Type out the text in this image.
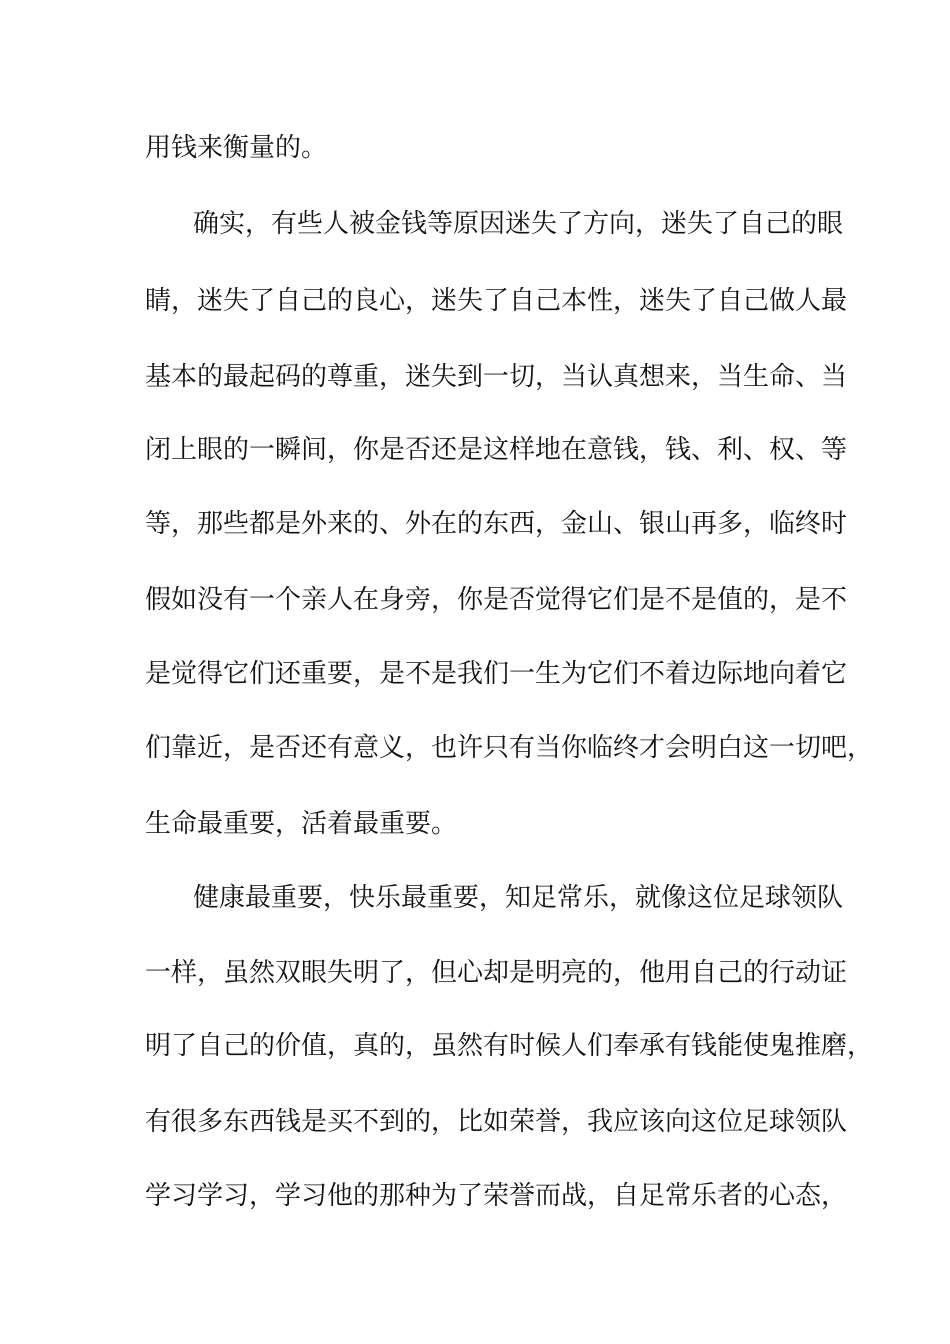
用钱来衡量的。
确实，有些人被金钱等原因迷失了方向，迷失了自己的眼
睛，迷失了自己的良心，迷失了自己本性，迷失了自己做人最
基本的最起码的尊重，迷失到一切，当认真想来，当生命、当
闭上眼的一瞬间，你是否还是这样地在意钱，钱、利、权、等
等，那些都是外来的、外在的东西，金山、银山再多，临终时
假如没有一个亲人在身旁，你是否觉得它们是不是值的，是不
是觉得它们还重要，是不是我们一生为它们不着边际地向着它
们靠近，是否还有意义，也许只有当你临终才会明白这一切吧，
生命最重要，活着最重要。
健康最重要，快乐最重要，知足常乐，就像这位足球领队
一样，虽然双眼失明了，但心却是明亮的，他用自己的行动证
明了自己的价值，真的，虽然有时候人们奉承有钱能使鬼推磨，
有很多东西钱是买不到的，比如荣誉，我应该向这位足球领队
学习学习，学习他的那种为了荣誉而战，自足常乐者的心态，
